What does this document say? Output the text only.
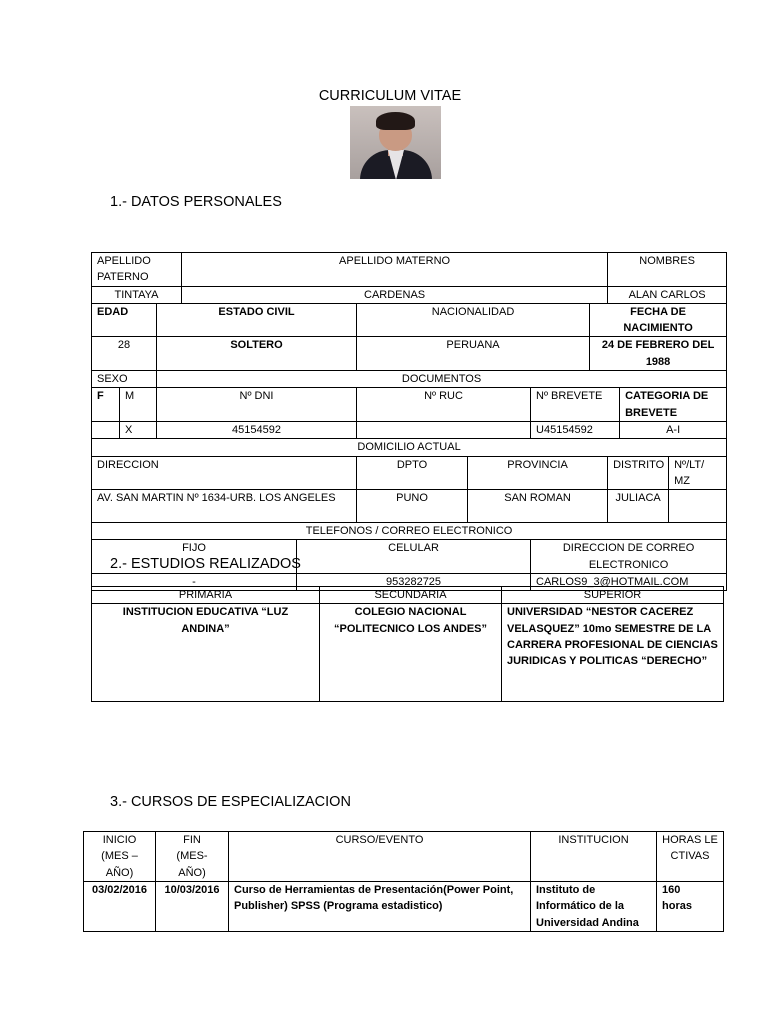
CURRICULUM VITAE
1.- DATOS PERSONALES
APELLIDO PATERNO			APELLIDO MATERNO						NOMBRES		
TINTAYA			CARDENAS						ALAN CARLOS		
EDAD		ESTADO CIVIL			NACIONALIDAD			FECHA DE NACIMIENTO			
28		SOLTERO			PERUANA			24 DE FEBRERO DEL 1988			
SEXO		DOCUMENTOS									
F	M	Nº DNI			Nº RUC		Nº BREVETE			CATEGORIA DE BREVETE	
	X	45154592					U45154592			A-I	
DOMICILIO ACTUAL											
DIRECCION					DPTO	PROVINCIA			DISTRITO		Nº/LT/ MZ
AV. SAN MARTIN Nº 1634-URB. LOS ANGELES					PUNO	SAN ROMAN			JULIACA		
TELEFONOS / CORREO ELECTRONICO											
FIJO				CELULAR			DIRECCION DE CORREO ELECTRONICO				
-				953282725			CARLOS9_3@HOTMAIL.COM				
2.- ESTUDIOS REALIZADOS
PRIMARIA	SECUNDARIA	SUPERIOR
INSTITUCION EDUCATIVA “LUZ ANDINA”	COLEGIO NACIONAL “POLITECNICO LOS ANDES”	UNIVERSIDAD “NESTOR CACEREZ VELASQUEZ” 10mo SEMESTRE DE LA CARRERA PROFESIONAL DE CIENCIAS JURIDICAS Y POLITICAS “DERECHO”
3.- CURSOS DE ESPECIALIZACION
INICIO (MES – AÑO)	FIN (MES- AÑO)	CURSO/EVENTO	INSTITUCION	HORAS LECTIVAS
03/02/2016	10/03/2016	Curso de Herramientas de Presentación(Power Point, Publisher) SPSS (Programa estadistico)	Instituto de Informático de la Universidad Andina	160 horas
